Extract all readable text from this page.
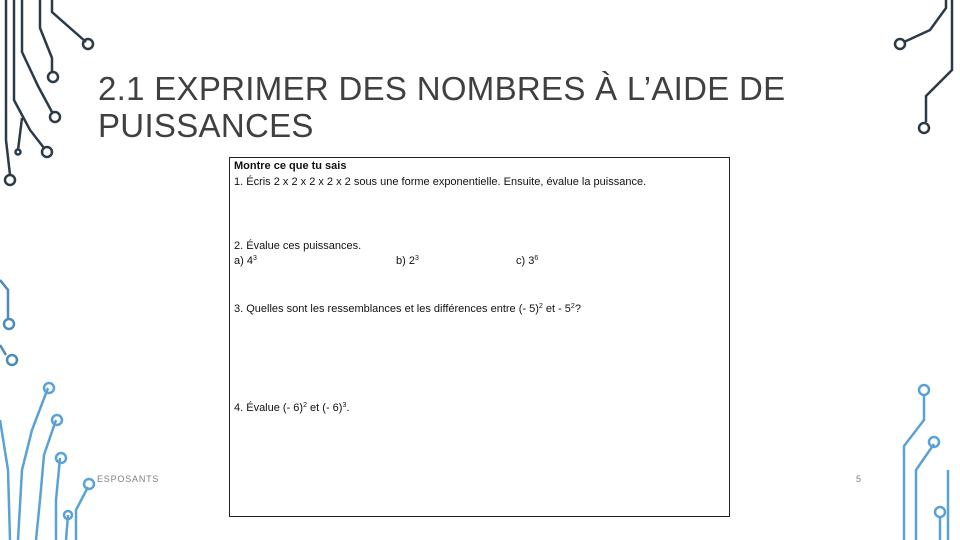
2.1 EXPRIMER DES NOMBRES À L’AIDE DE
PUISSANCES
Montre ce que tu sais
1. Écris 2 x 2 x 2 x 2 x 2 sous une forme exponentielle. Ensuite, évalue la puissance.
2. Évalue ces puissances.
a) $4^3$	b) $2^3$	c) $3^6$
3. Quelles sont les ressemblances et les différences entre (- 5)$^2$ et - $5^2$?
4. Évalue (- 6)$^2$ et (- 6)$^3$.
ESPOSANTS	5
